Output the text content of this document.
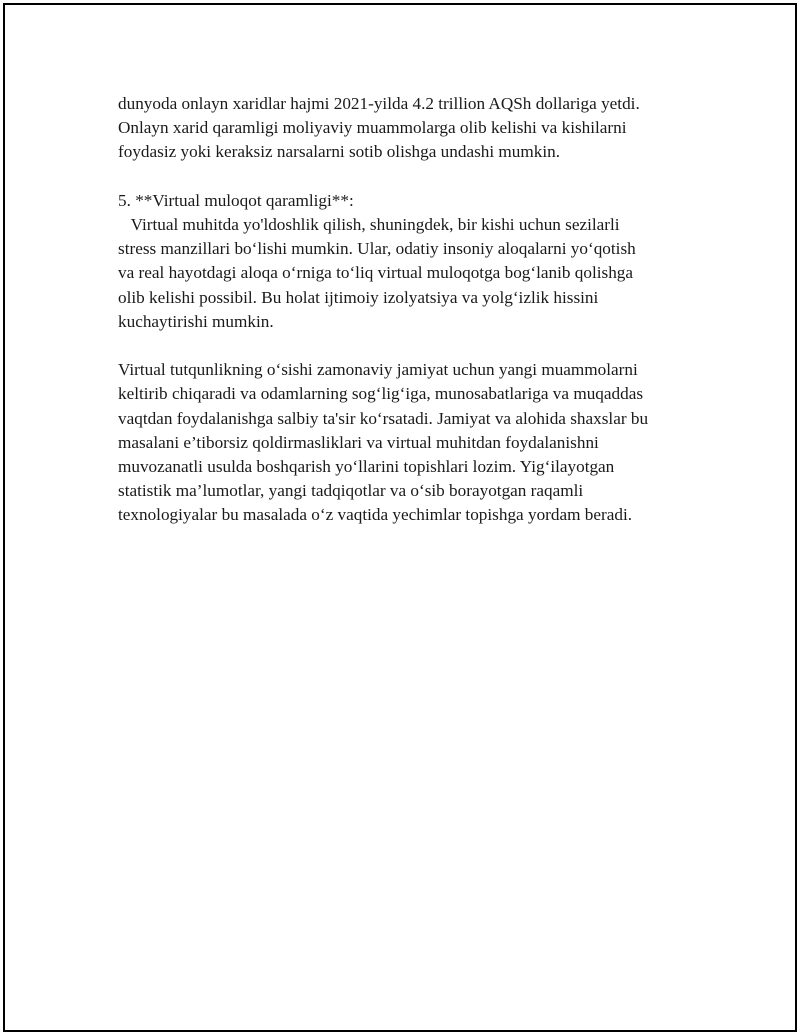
dunyoda onlayn xaridlar hajmi 2021-yilda 4.2 trillion AQSh dollariga yetdi.
Onlayn xarid qaramligi moliyaviy muammolarga olib kelishi va kishilarni
foydasiz yoki keraksiz narsalarni sotib olishga undashi mumkin.
5. **Virtual muloqot qaramligi**:
Virtual muhitda yo'ldoshlik qilish, shuningdek, bir kishi uchun sezilarli
stress manzillari bo‘lishi mumkin. Ular, odatiy insoniy aloqalarni yo‘qotish
va real hayotdagi aloqa o‘rniga to‘liq virtual muloqotga bog‘lanib qolishga
olib kelishi possibil. Bu holat ijtimoiy izolyatsiya va yolg‘izlik hissini
kuchaytirishi mumkin.
Virtual tutqunlikning o‘sishi zamonaviy jamiyat uchun yangi muammolarni
keltirib chiqaradi va odamlarning sog‘lig‘iga, munosabatlariga va muqaddas
vaqtdan foydalanishga salbiy ta'sir ko‘rsatadi. Jamiyat va alohida shaxslar bu
masalani e’tiborsiz qoldirmasliklari va virtual muhitdan foydalanishni
muvozanatli usulda boshqarish yo‘llarini topishlari lozim. Yig‘ilayotgan
statistik ma’lumotlar, yangi tadqiqotlar va o‘sib borayotgan raqamli
texnologiyalar bu masalada o‘z vaqtida yechimlar topishga yordam beradi.
